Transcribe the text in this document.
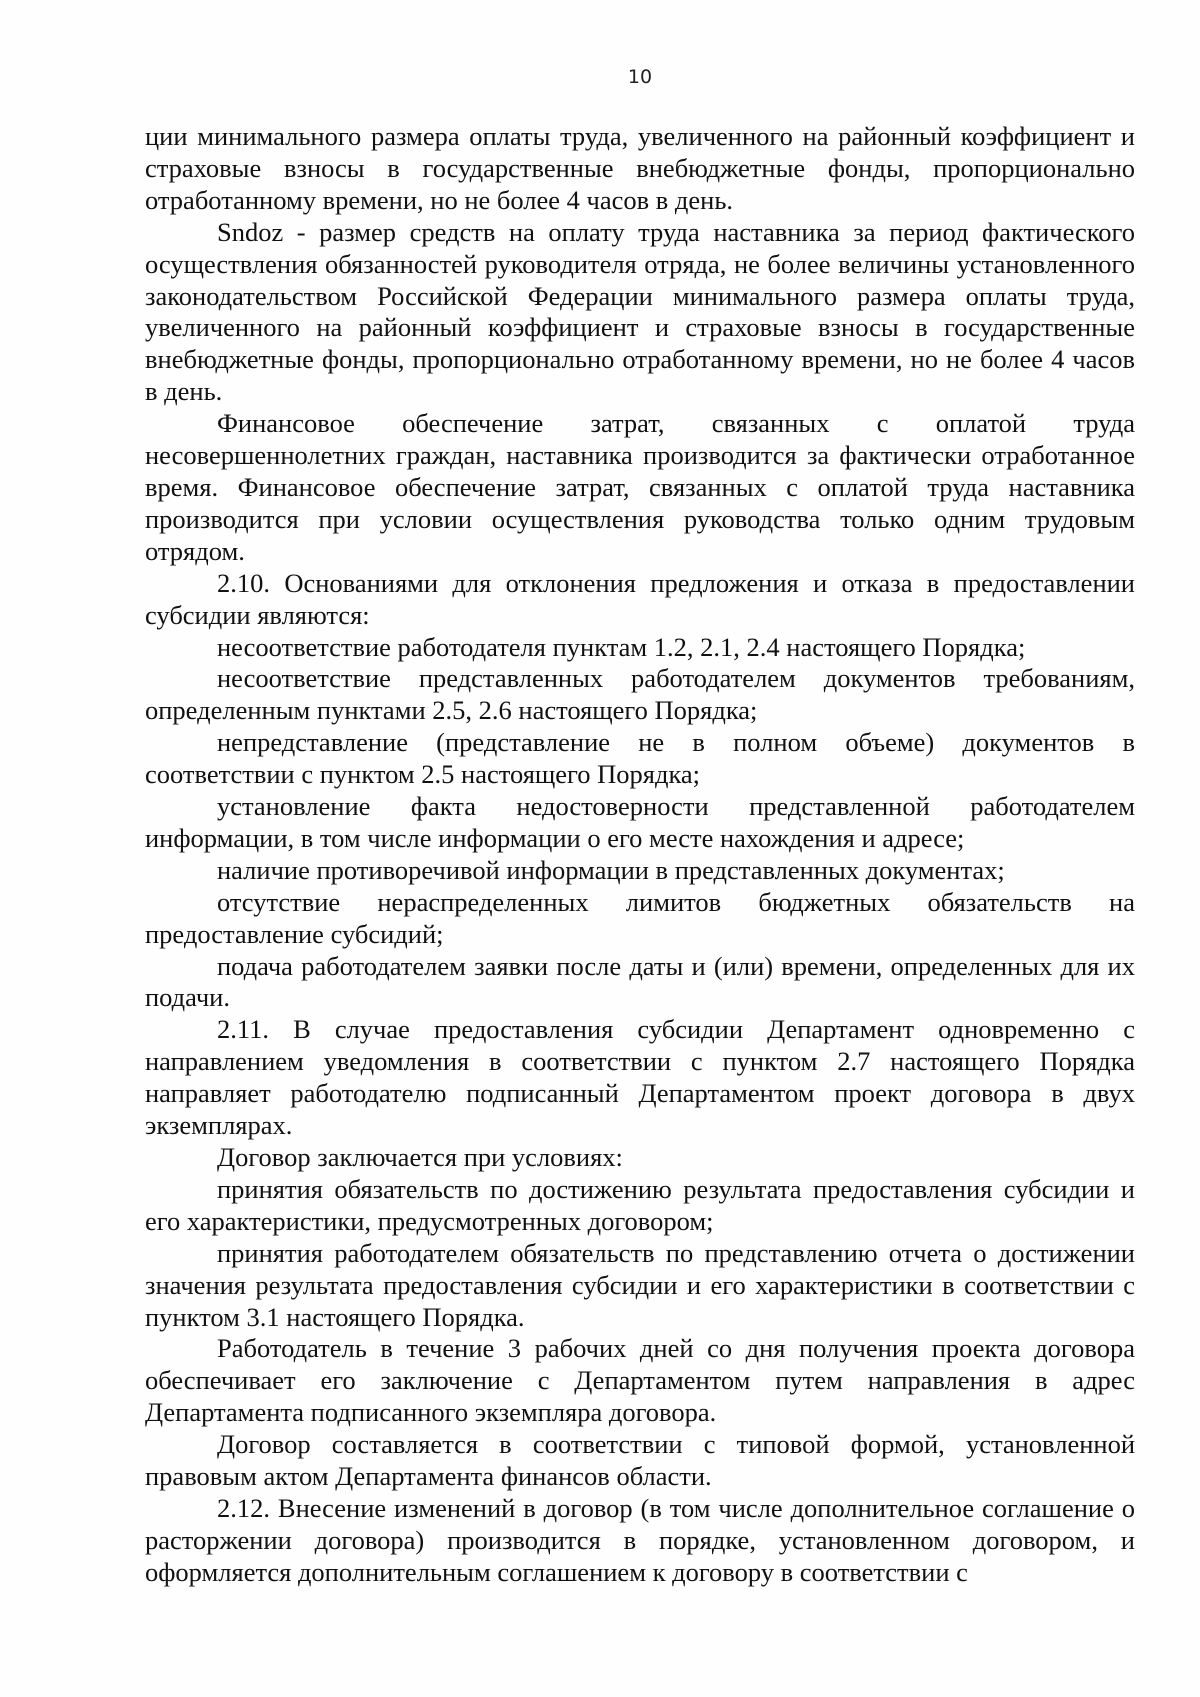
10

ции минимального размера оплаты труда, увеличенного на районный коэффициент и страховые взносы в государственные внебюджетные фонды, пропорционально отработанному времени, но не более 4 часов в день.

Sndoz - размер средств на оплату труда наставника за период фактического осуществления обязанностей руководителя отряда, не более величины установленного законодательством Российской Федерации минимального размера оплаты труда, увеличенного на районный коэффициент и страховые взносы в государственные внебюджетные фонды, пропорционально отработанному времени, но не более 4 часов в день.

Финансовое обеспечение затрат, связанных с оплатой труда несовершеннолетних граждан, наставника производится за фактически отработанное время. Финансовое обеспечение затрат, связанных с оплатой труда наставника производится при условии осуществления руководства только одним трудовым отрядом.

2.10. Основаниями для отклонения предложения и отказа в предоставлении субсидии являются:

несоответствие работодателя пунктам 1.2, 2.1, 2.4 настоящего Порядка;

несоответствие представленных работодателем документов требованиям, определенным пунктами 2.5, 2.6 настоящего Порядка;

непредставление (представление не в полном объеме) документов в соответствии с пунктом 2.5 настоящего Порядка;

установление факта недостоверности представленной работодателем информации, в том числе информации о его месте нахождения и адресе;

наличие противоречивой информации в представленных документах;

отсутствие нераспределенных лимитов бюджетных обязательств на предоставление субсидий;

подача работодателем заявки после даты и (или) времени, определенных для их подачи.

2.11. В случае предоставления субсидии Департамент одновременно с направлением уведомления в соответствии с пунктом 2.7 настоящего Порядка направляет работодателю подписанный Департаментом проект договора в двух экземплярах.

Договор заключается при условиях:

принятия обязательств по достижению результата предоставления субсидии и его характеристики, предусмотренных договором;

принятия работодателем обязательств по представлению отчета о достижении значения результата предоставления субсидии и его характеристики в соответствии с пунктом 3.1 настоящего Порядка.

Работодатель в течение 3 рабочих дней со дня получения проекта договора обеспечивает его заключение с Департаментом путем направления в адрес Департамента подписанного экземпляра договора.

Договор составляется в соответствии с типовой формой, установленной правовым актом Департамента финансов области.

2.12. Внесение изменений в договор (в том числе дополнительное соглашение о расторжении договора) производится в порядке, установленном договором, и оформляется дополнительным соглашением к договору в соответствии с
